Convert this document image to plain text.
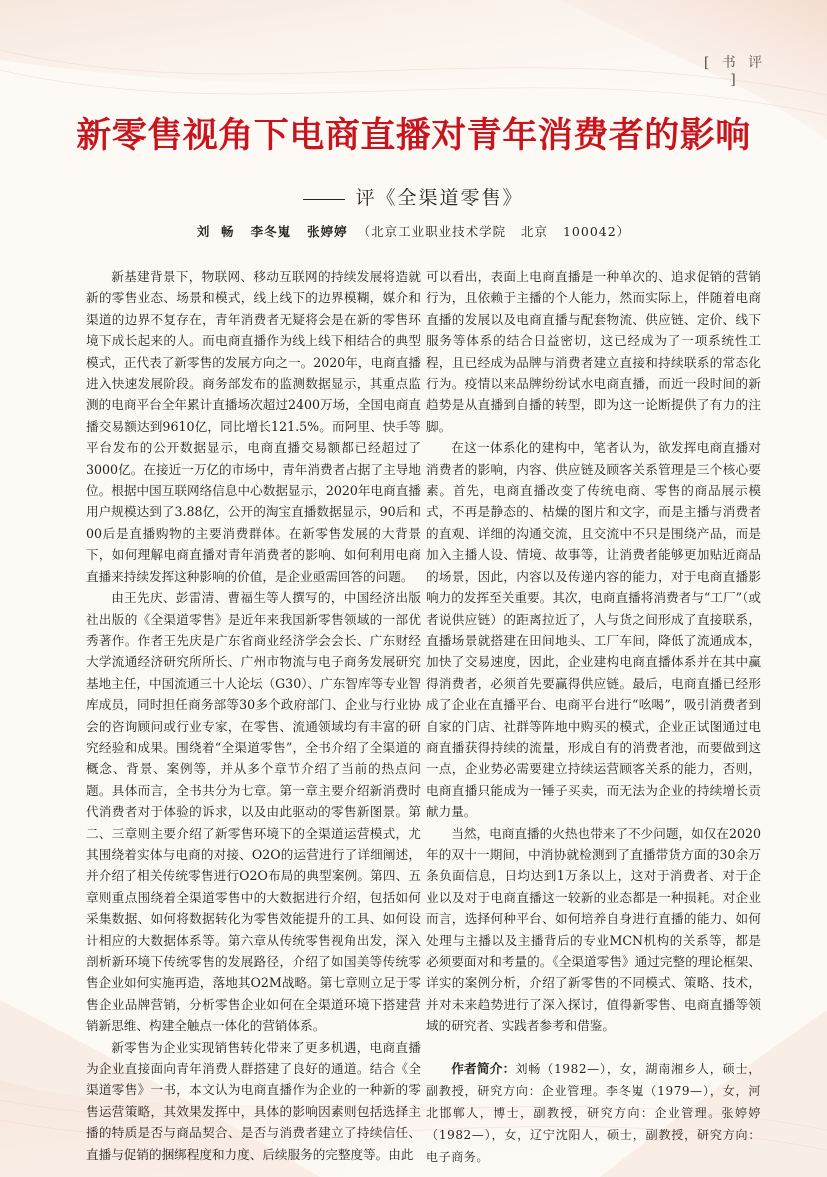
[ 书 评 ]
新零售视角下电商直播对青年消费者的影响
评《全渠道零售》
刘  畅   李冬嵬   张婷婷 （北京工业职业技术学院   北京   100042）

新基建背景下，物联网、移动互联网的持续发展将造就新的零售业态、场景和模式，线上线下的边界模糊，媒介和渠道的边界不复存在，青年消费者无疑将会是在新的零售环境下成长起来的人。而电商直播作为线上线下相结合的典型模式，正代表了新零售的发展方向之一。2020年，电商直播进入快速发展阶段。商务部发布的监测数据显示，其重点监测的电商平台全年累计直播场次超过2400万场，全国电商直播交易额达到9610亿，同比增长121.5%。而阿里、快手等平台发布的公开数据显示，电商直播交易额都已经超过了3000亿。在接近一万亿的市场中，青年消费者占据了主导地位。根据中国互联网络信息中心数据显示，2020年电商直播用户规模达到了3.88亿，公开的淘宝直播数据显示，90后和00后是直播购物的主要消费群体。在新零售发展的大背景下，如何理解电商直播对青年消费者的影响、如何利用电商直播来持续发挥这种影响的价值，是企业亟需回答的问题。

由王先庆、彭雷清、曹福生等人撰写的，中国经济出版社出版的《全渠道零售》是近年来我国新零售领域的一部优秀著作。作者王先庆是广东省商业经济学会会长、广东财经大学流通经济研究所所长、广州市物流与电子商务发展研究基地主任，中国流通三十人论坛（G30）、广东智库等专业智库成员，同时担任商务部等30多个政府部门、企业与行业协会的咨询顾问或行业专家，在零售、流通领域均有丰富的研究经验和成果。围绕着“全渠道零售”，全书介绍了全渠道的概念、背景、案例等，并从多个章节介绍了当前的热点问题。具体而言，全书共分为七章。第一章主要介绍新消费时代消费者对于体验的诉求，以及由此驱动的零售新图景。第二、三章则主要介绍了新零售环境下的全渠道运营模式，尤其围绕着实体与电商的对接、O2O的运营进行了详细阐述，并介绍了相关传统零售进行O2O布局的典型案例。第四、五章则重点围绕着全渠道零售中的大数据进行介绍，包括如何采集数据、如何将数据转化为零售效能提升的工具、如何设计相应的大数据体系等。第六章从传统零售视角出发，深入剖析新环境下传统零售的发展路径，介绍了如国美等传统零售企业如何实施再造，落地其O2M战略。第七章则立足于零售企业品牌营销，分析零售企业如何在全渠道环境下搭建营销新思维、构建全触点一体化的营销体系。

新零售为企业实现销售转化带来了更多机遇，电商直播为企业直接面向青年消费人群搭建了良好的通道。结合《全渠道零售》一书，本文认为电商直播作为企业的一种新的零售运营策略，其效果发挥中，具体的影响因素则包括选择主播的特质是否与商品契合、是否与消费者建立了持续信任、直播与促销的捆绑程度和力度、后续服务的完整度等。由此

可以看出，表面上电商直播是一种单次的、追求促销的营销行为，且依赖于主播的个人能力，然而实际上，伴随着电商直播的发展以及电商直播与配套物流、供应链、定价、线下服务等体系的结合日益密切，这已经成为了一项系统性工程，且已经成为品牌与消费者建立直接和持续联系的常态化行为。疫情以来品牌纷纷试水电商直播，而近一段时间的新趋势是从直播到自播的转型，即为这一论断提供了有力的注脚。

在这一体系化的建构中，笔者认为，欲发挥电商直播对消费者的影响，内容、供应链及顾客关系管理是三个核心要素。首先，电商直播改变了传统电商、零售的商品展示模式，不再是静态的、枯燥的图片和文字，而是主播与消费者的直观、详细的沟通交流，且交流中不只是围绕产品，而是加入主播人设、情境、故事等，让消费者能够更加贴近商品的场景，因此，内容以及传递内容的能力，对于电商直播影响力的发挥至关重要。其次，电商直播将消费者与“工厂”（或者说供应链）的距离拉近了，人与货之间形成了直接联系，直播场景就搭建在田间地头、工厂车间，降低了流通成本，加快了交易速度，因此，企业建构电商直播体系并在其中赢得消费者，必须首先要赢得供应链。最后，电商直播已经形成了企业在直播平台、电商平台进行“吆喝”，吸引消费者到自家的门店、社群等阵地中购买的模式，企业正试图通过电商直播获得持续的流量，形成自有的消费者池，而要做到这一点，企业势必需要建立持续运营顾客关系的能力，否则，电商直播只能成为一锤子买卖，而无法为企业的持续增长贡献力量。

当然，电商直播的火热也带来了不少问题，如仅在2020年的双十一期间，中消协就检测到了直播带货方面的30余万条负面信息，日均达到1万条以上，这对于消费者、对于企业以及对于电商直播这一较新的业态都是一种损耗。对企业而言，选择何种平台、如何培养自身进行直播的能力、如何处理与主播以及主播背后的专业MCN机构的关系等，都是必须要面对和考量的。《全渠道零售》通过完整的理论框架、详实的案例分析，介绍了新零售的不同模式、策略、技术，并对未来趋势进行了深入探讨，值得新零售、电商直播等领域的研究者、实践者参考和借鉴。

作者简介：刘畅（1982—），女，湖南湘乡人，硕士，副教授，研究方向：企业管理。李冬嵬（1979—），女，河北邯郸人，博士，副教授，研究方向：企业管理。张婷婷（1982—），女，辽宁沈阳人，硕士，副教授，研究方向：电子商务。
